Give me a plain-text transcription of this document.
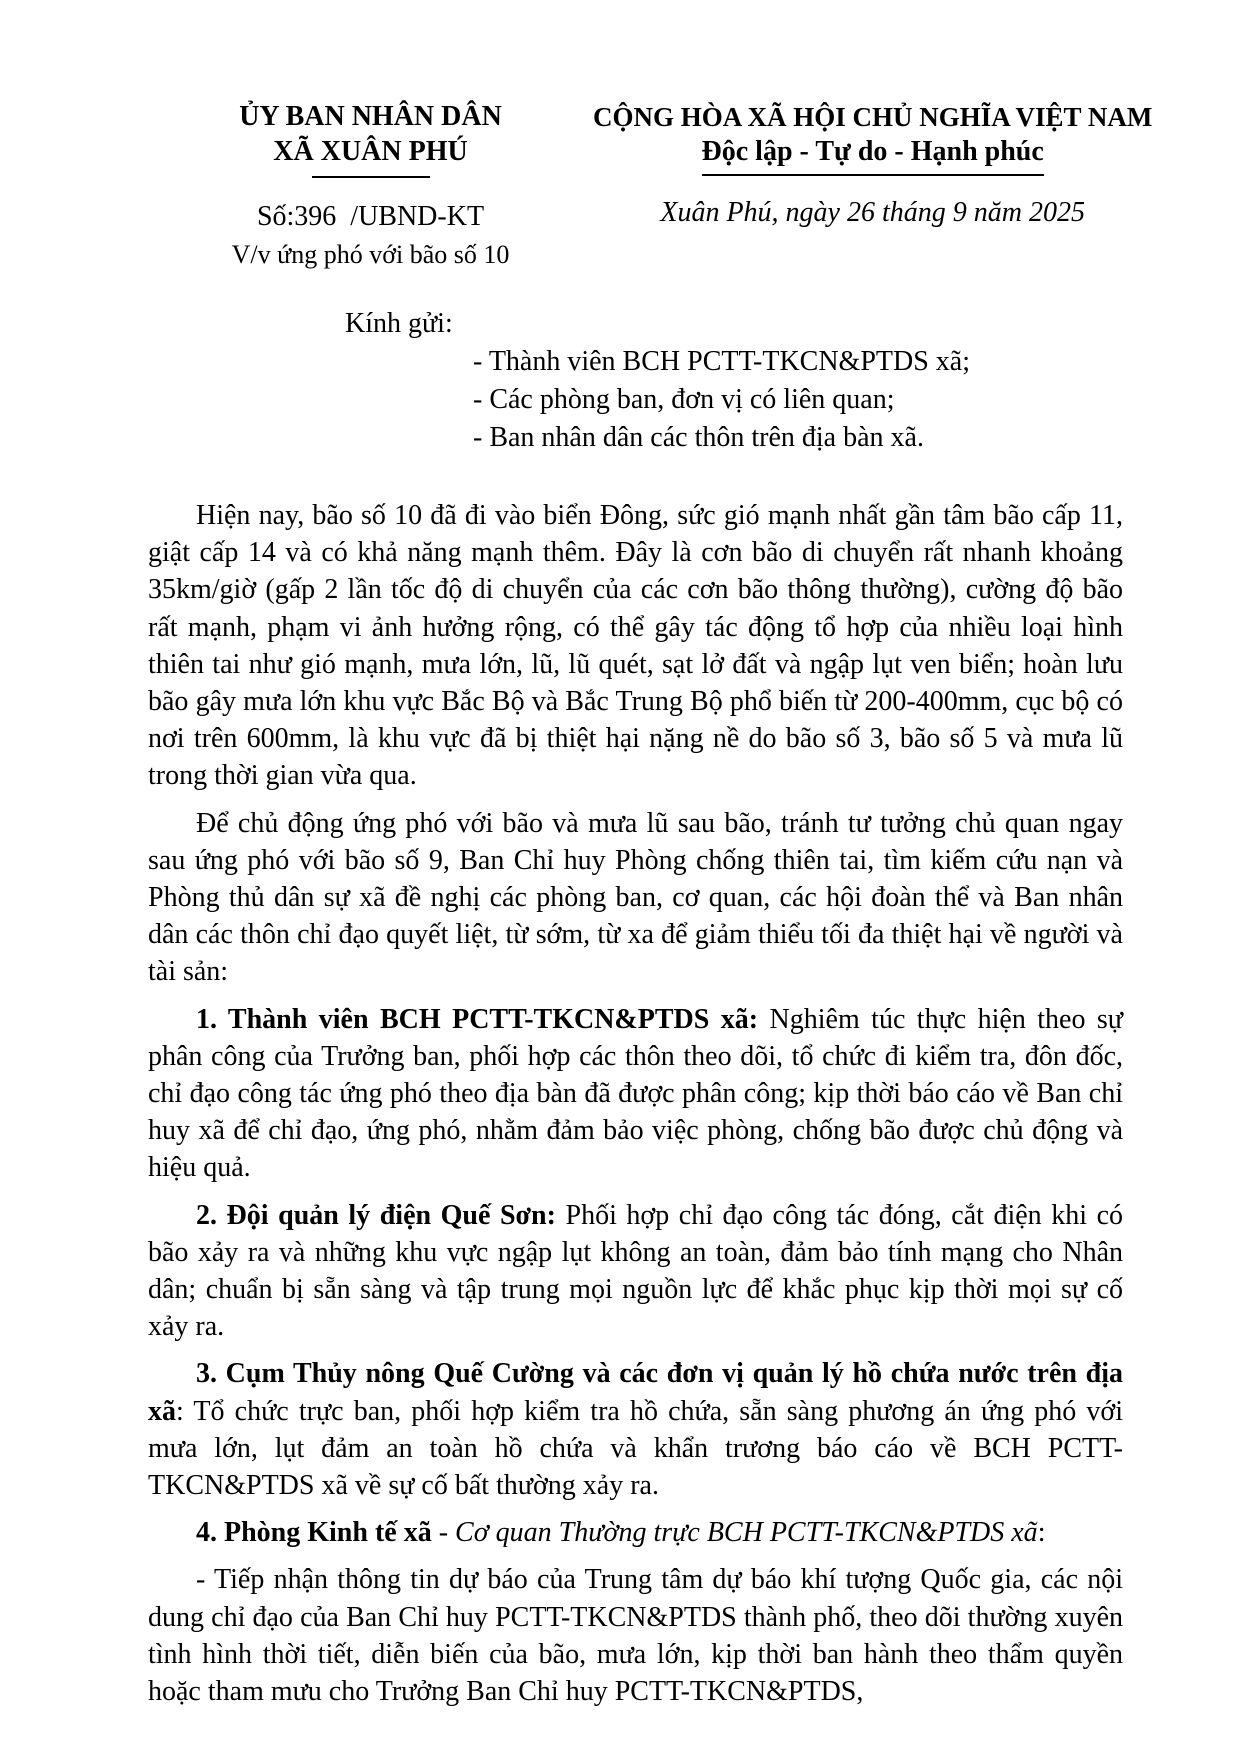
ỦY BAN NHÂN DÂN
XÃ XUÂN PHÚ
Số:396  /UBND-KT
V/v ứng phó với bão số 10
CỘNG HÒA XÃ HỘI CHỦ NGHĨA VIỆT NAM
Độc lập - Tự do - Hạnh phúc
Xuân Phú, ngày 26 tháng 9 năm 2025
Kính gửi:
- Thành viên BCH PCTT-TKCN&PTDS xã;
- Các phòng ban, đơn vị có liên quan;
- Ban nhân dân các thôn trên địa bàn xã.

Hiện nay, bão số 10 đã đi vào biển Đông, sức gió mạnh nhất gần tâm bão cấp 11, giật cấp 14 và có khả năng mạnh thêm. Đây là cơn bão di chuyển rất nhanh khoảng 35km/giờ (gấp 2 lần tốc độ di chuyển của các cơn bão thông thường), cường độ bão rất mạnh, phạm vi ảnh hưởng rộng, có thể gây tác động tổ hợp của nhiều loại hình thiên tai như gió mạnh, mưa lớn, lũ, lũ quét, sạt lở đất và ngập lụt ven biển; hoàn lưu bão gây mưa lớn khu vực Bắc Bộ và Bắc Trung Bộ phổ biến từ 200-400mm, cục bộ có nơi trên 600mm, là khu vực đã bị thiệt hại nặng nề do bão số 3, bão số 5 và mưa lũ trong thời gian vừa qua.

Để chủ động ứng phó với bão và mưa lũ sau bão, tránh tư tưởng chủ quan ngay sau ứng phó với bão số 9, Ban Chỉ huy Phòng chống thiên tai, tìm kiếm cứu nạn và Phòng thủ dân sự xã đề nghị các phòng ban, cơ quan, các hội đoàn thể và Ban nhân dân các thôn chỉ đạo quyết liệt, từ sớm, từ xa để giảm thiểu tối đa thiệt hại về người và tài sản:

1. Thành viên BCH PCTT-TKCN&PTDS xã: Nghiêm túc thực hiện theo sự phân công của Trưởng ban, phối hợp các thôn theo dõi, tổ chức đi kiểm tra, đôn đốc, chỉ đạo công tác ứng phó theo địa bàn đã được phân công; kịp thời báo cáo về Ban chỉ huy xã để chỉ đạo, ứng phó, nhằm đảm bảo việc phòng, chống bão được chủ động và hiệu quả.

2. Đội quản lý điện Quế Sơn: Phối hợp chỉ đạo công tác đóng, cắt điện khi có bão xảy ra và những khu vực ngập lụt không an toàn, đảm bảo tính mạng cho Nhân dân; chuẩn bị sẵn sàng và tập trung mọi nguồn lực để khắc phục kịp thời mọi sự cố xảy ra.

3. Cụm Thủy nông Quế Cường và các đơn vị quản lý hồ chứa nước trên địa xã: Tổ chức trực ban, phối hợp kiểm tra hồ chứa, sẵn sàng phương án ứng phó với mưa lớn, lụt đảm an toàn hồ chứa và khẩn trương báo cáo về BCH PCTT-TKCN&PTDS xã về sự cố bất thường xảy ra.

4. Phòng Kinh tế xã - Cơ quan Thường trực BCH PCTT-TKCN&PTDS xã:

- Tiếp nhận thông tin dự báo của Trung tâm dự báo khí tượng Quốc gia, các nội dung chỉ đạo của Ban Chỉ huy PCTT-TKCN&PTDS thành phố, theo dõi thường xuyên tình hình thời tiết, diễn biến của bão, mưa lớn, kịp thời ban hành theo thẩm quyền hoặc tham mưu cho Trưởng Ban Chỉ huy PCTT-TKCN&PTDS,
